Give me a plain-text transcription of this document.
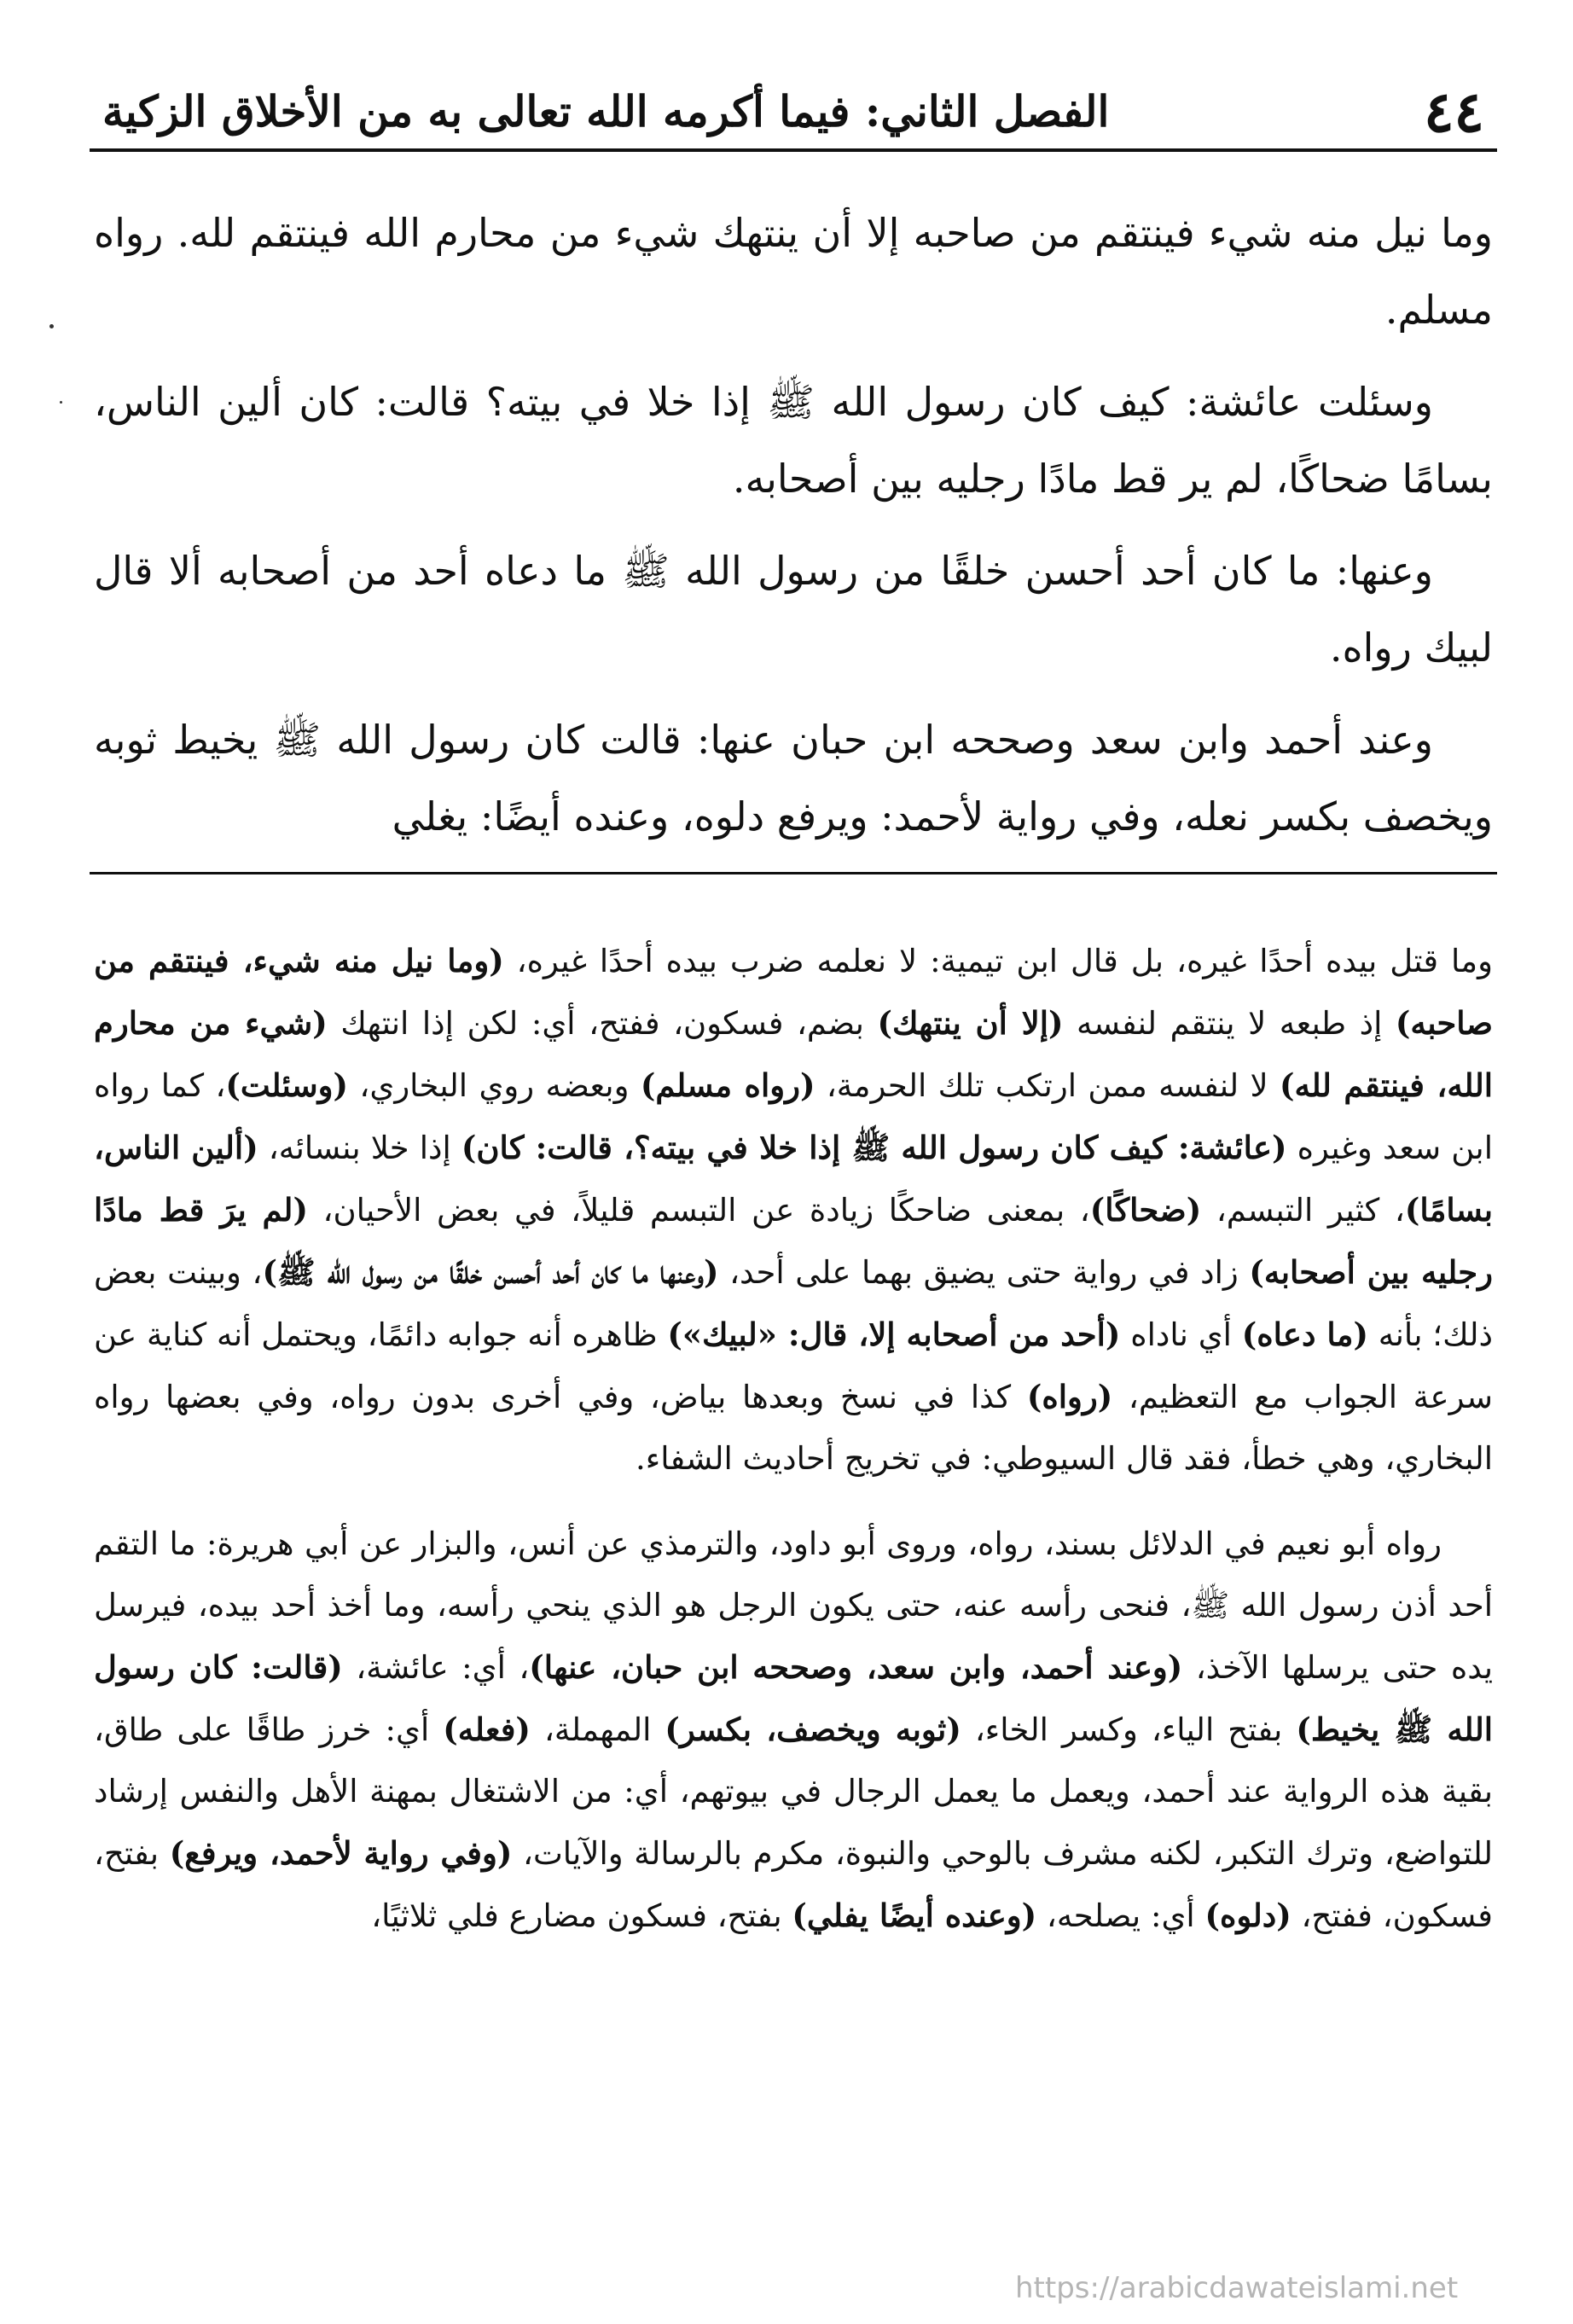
٤٤
الفصل الثاني: فيما أكرمه الله تعالى به من الأخلاق الزكية

وما نيل منه شيء فينتقم من صاحبه إلا أن ينتهك شيء من محارم الله فينتقم لله. رواه مسلم.

وسئلت عائشة: كيف كان رسول الله ﷺ إذا خلا في بيته؟ قالت: كان ألين الناس، بسامًا ضحاكًا، لم ير قط مادًا رجليه بين أصحابه.

وعنها: ما كان أحد أحسن خلقًا من رسول الله ﷺ ما دعاه أحد من أصحابه ألا قال لبيك رواه.

وعند أحمد وابن سعد وصححه ابن حبان عنها: قالت كان رسول الله ﷺ يخيط ثوبه ويخصف بكسر نعله، وفي رواية لأحمد: ويرفع دلوه، وعنده أيضًا: يغلي

وما قتل بيده أحدًا غيره، بل قال ابن تيمية: لا نعلمه ضرب بيده أحدًا غيره، (وما نيل منه شيء، فينتقم من صاحبه) إذ طبعه لا ينتقم لنفسه (إلا أن ينتهك) بضم، فسكون، ففتح، أي: لكن إذا انتهك (شيء من محارم الله، فينتقم لله) لا لنفسه ممن ارتكب تلك الحرمة، (رواه مسلم) وبعضه روي البخاري، (وسئلت)، كما رواه ابن سعد وغيره (عائشة: كيف كان رسول الله ﷺ إذا خلا في بيته؟، قالت: كان) إذا خلا بنسائه، (ألين الناس، بسامًا)، كثير التبسم، (ضحاكًا)، بمعنى ضاحكًا زيادة عن التبسم قليلاً، في بعض الأحيان، (لم يرَ قط مادًا رجليه بين أصحابه) زاد في رواية حتى يضيق بهما على أحد، (وعنها ما كان أحد أحسن خلقًا من رسول الله ﷺ)، وبينت بعض ذلك؛ بأنه (ما دعاه) أي ناداه (أحد من أصحابه إلا، قال: «لبيك») ظاهره أنه جوابه دائمًا، ويحتمل أنه كناية عن سرعة الجواب مع التعظيم، (رواه) كذا في نسخ وبعدها بياض، وفي أخرى بدون رواه، وفي بعضها رواه البخاري، وهي خطأ، فقد قال السيوطي: في تخريج أحاديث الشفاء.

رواه أبو نعيم في الدلائل بسند، رواه، وروى أبو داود، والترمذي عن أنس، والبزار عن أبي هريرة: ما التقم أحد أذن رسول الله ﷺ، فنحى رأسه عنه، حتى يكون الرجل هو الذي ينحي رأسه، وما أخذ أحد بيده، فيرسل يده حتى يرسلها الآخذ، (وعند أحمد، وابن سعد، وصححه ابن حبان، عنها)، أي: عائشة، (قالت: كان رسول الله ﷺ يخيط) بفتح الياء، وكسر الخاء، (ثوبه ويخصف، بكسر) المهملة، (فعله) أي: خرز طاقًا على طاق، بقية هذه الرواية عند أحمد، ويعمل ما يعمل الرجال في بيوتهم، أي: من الاشتغال بمهنة الأهل والنفس إرشاد للتواضع، وترك التكبر، لكنه مشرف بالوحي والنبوة، مكرم بالرسالة والآيات، (وفي رواية لأحمد، ويرفع) بفتح، فسكون، ففتح، (دلوه) أي: يصلحه، (وعنده أيضًا يفلي) بفتح، فسكون مضارع فلي ثلاثيًا،

https://arabicdawateislami.net
